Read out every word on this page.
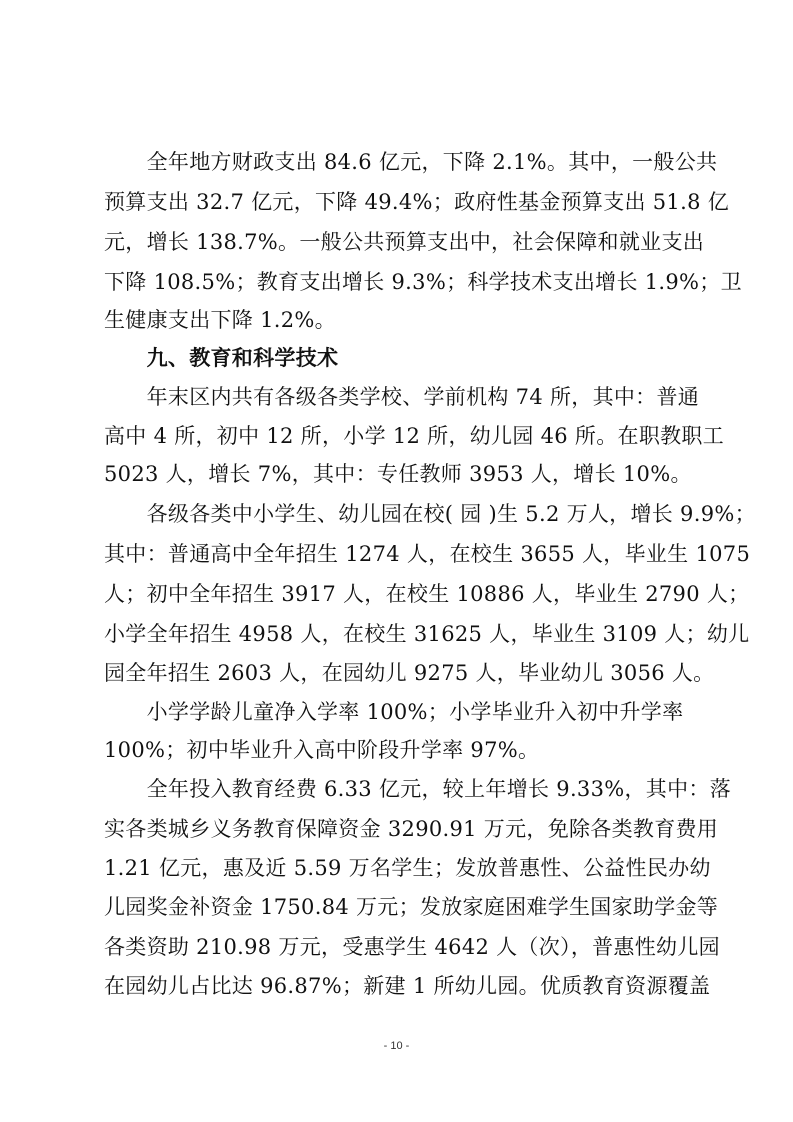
　　全年地方财政支出 84.6 亿元，下降 2.1%。其中，一般公共
预算支出 32.7 亿元，下降 49.4%；政府性基金预算支出 51.8 亿
元，增长 138.7%。一般公共预算支出中，社会保障和就业支出
下降 108.5%；教育支出增长 9.3%；科学技术支出增长 1.9%；卫
生健康支出下降 1.2%。
　　九、教育和科学技术
　　年末区内共有各级各类学校、学前机构 74 所，其中：普通
高中 4 所，初中 12 所，小学 12 所，幼儿园 46 所。在职教职工
5023 人，增长 7%，其中：专任教师 3953 人，增长 10%。
　　各级各类中小学生、幼儿园在校( 园 )生 5.2 万人，增长 9.9%；
其中：普通高中全年招生 1274 人，在校生 3655 人，毕业生 1075
人；初中全年招生 3917 人，在校生 10886 人，毕业生 2790 人；
小学全年招生 4958 人，在校生 31625 人，毕业生 3109 人；幼儿
园全年招生 2603 人，在园幼儿 9275 人，毕业幼儿 3056 人。
　　小学学龄儿童净入学率 100%；小学毕业升入初中升学率
100%；初中毕业升入高中阶段升学率 97%。
　　全年投入教育经费 6.33 亿元，较上年增长 9.33%，其中：落
实各类城乡义务教育保障资金 3290.91 万元，免除各类教育费用
1.21 亿元，惠及近 5.59 万名学生；发放普惠性、公益性民办幼
儿园奖金补资金 1750.84 万元；发放家庭困难学生国家助学金等
各类资助 210.98 万元，受惠学生 4642 人（次），普惠性幼儿园
在园幼儿占比达 96.87%；新建 1 所幼儿园。优质教育资源覆盖
- 10 -
